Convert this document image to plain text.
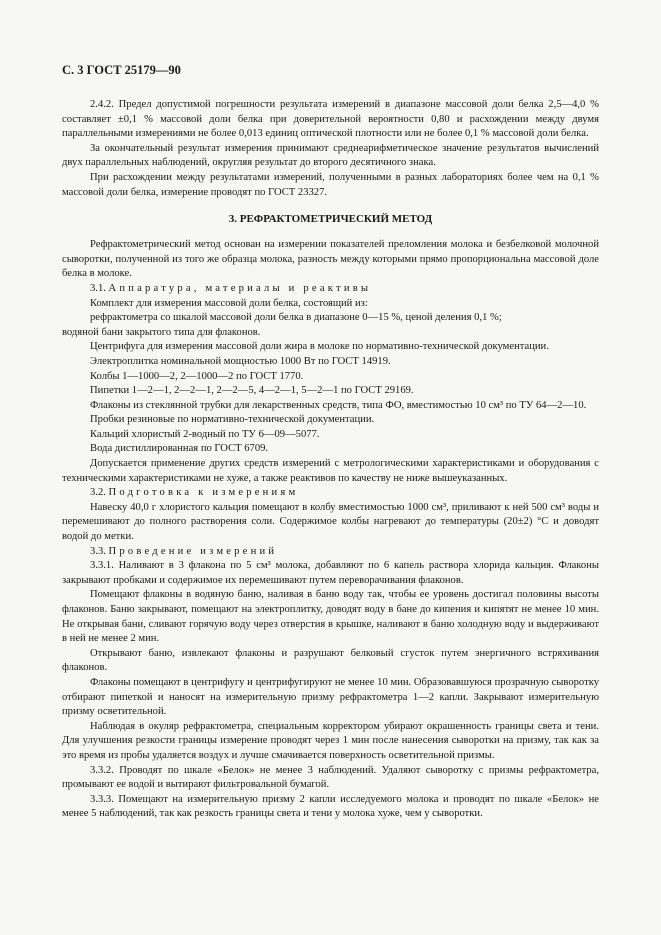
С. 3 ГОСТ 25179—90

2.4.2. Предел допустимой погрешности результата измерений в диапазоне массовой доли белка 2,5—4,0 % составляет ±0,1 % массовой доли белка при доверительной вероятности 0,80 и расхождении между двумя параллельными измерениями не более 0,013 единиц оптической плотности или не более 0,1 % массовой доли белка.

За окончательный результат измерения принимают среднеарифметическое значение результатов вычислений двух параллельных наблюдений, округляя результат до второго десятичного знака.

При расхождении между результатами измерений, полученными в разных лабораториях более чем на 0,1 % массовой доли белка, измерение проводят по ГОСТ 23327.

3. РЕФРАКТОМЕТРИЧЕСКИЙ МЕТОД

Рефрактометрический метод основан на измерении показателей преломления молока и безбелковой молочной сыворотки, полученной из того же образца молока, разность между которыми прямо пропорциональна массовой доле белка в молоке.

3.1. Аппаратура, материалы и реактивы

Комплект для измерения массовой доли белка, состоящий из:

рефрактометра со шкалой массовой доли белка в диапазоне 0—15 %, ценой деления 0,1 %;

водяной бани закрытого типа для флаконов.

Центрифуга для измерения массовой доли жира в молоке по нормативно-технической документации.

Электроплитка номинальной мощностью 1000 Вт по ГОСТ 14919.

Колбы 1—1000—2, 2—1000—2 по ГОСТ 1770.

Пипетки 1—2—1, 2—2—1, 2—2—5, 4—2—1, 5—2—1 по ГОСТ 29169.

Флаконы из стеклянной трубки для лекарственных средств, типа ФО, вместимостью 10 см³ по ТУ 64—2—10.

Пробки резиновые по нормативно-технической документации.

Кальций хлористый 2-водный по ТУ 6—09—5077.

Вода дистиллированная по ГОСТ 6709.

Допускается применение других средств измерений с метрологическими характеристиками и оборудования с техническими характеристиками не хуже, а также реактивов по качеству не ниже вышеуказанных.

3.2. Подготовка к измерениям

Навеску 40,0 г хлористого кальция помещают в колбу вместимостью 1000 см³, приливают к ней 500 см³ воды и перемешивают до полного растворения соли. Содержимое колбы нагревают до температуры (20±2) °С и доводят водой до метки.

3.3. Проведение измерений

3.3.1. Наливают в 3 флакона по 5 см³ молока, добавляют по 6 капель раствора хлорида кальция. Флаконы закрывают пробками и содержимое их перемешивают путем переворачивания флаконов.

Помещают флаконы в водяную баню, наливая в баню воду так, чтобы ее уровень достигал половины высоты флаконов. Баню закрывают, помещают на электроплитку, доводят воду в бане до кипения и кипятят не менее 10 мин. Не открывая бани, сливают горячую воду через отверстия в крышке, наливают в баню холодную воду и выдерживают в ней не менее 2 мин.

Открывают баню, извлекают флаконы и разрушают белковый сгусток путем энергичного встряхивания флаконов.

Флаконы помещают в центрифугу и центрифугируют не менее 10 мин. Образовавшуюся прозрачную сыворотку отбирают пипеткой и наносят на измерительную призму рефрактометра 1—2 капли. Закрывают измерительную призму осветительной.

Наблюдая в окуляр рефрактометра, специальным корректором убирают окрашенность границы света и тени. Для улучшения резкости границы измерение проводят через 1 мин после нанесения сыворотки на призму, так как за это время из пробы удаляется воздух и лучше смачивается поверхность осветительной призмы.

3.3.2. Проводят по шкале «Белок» не менее 3 наблюдений. Удаляют сыворотку с призмы рефрактометра, промывают ее водой и вытирают фильтровальной бумагой.

3.3.3. Помещают на измерительную призму 2 капли исследуемого молока и проводят по шкале «Белок» не менее 5 наблюдений, так как резкость границы света и тени у молока хуже, чем у сыворотки.
